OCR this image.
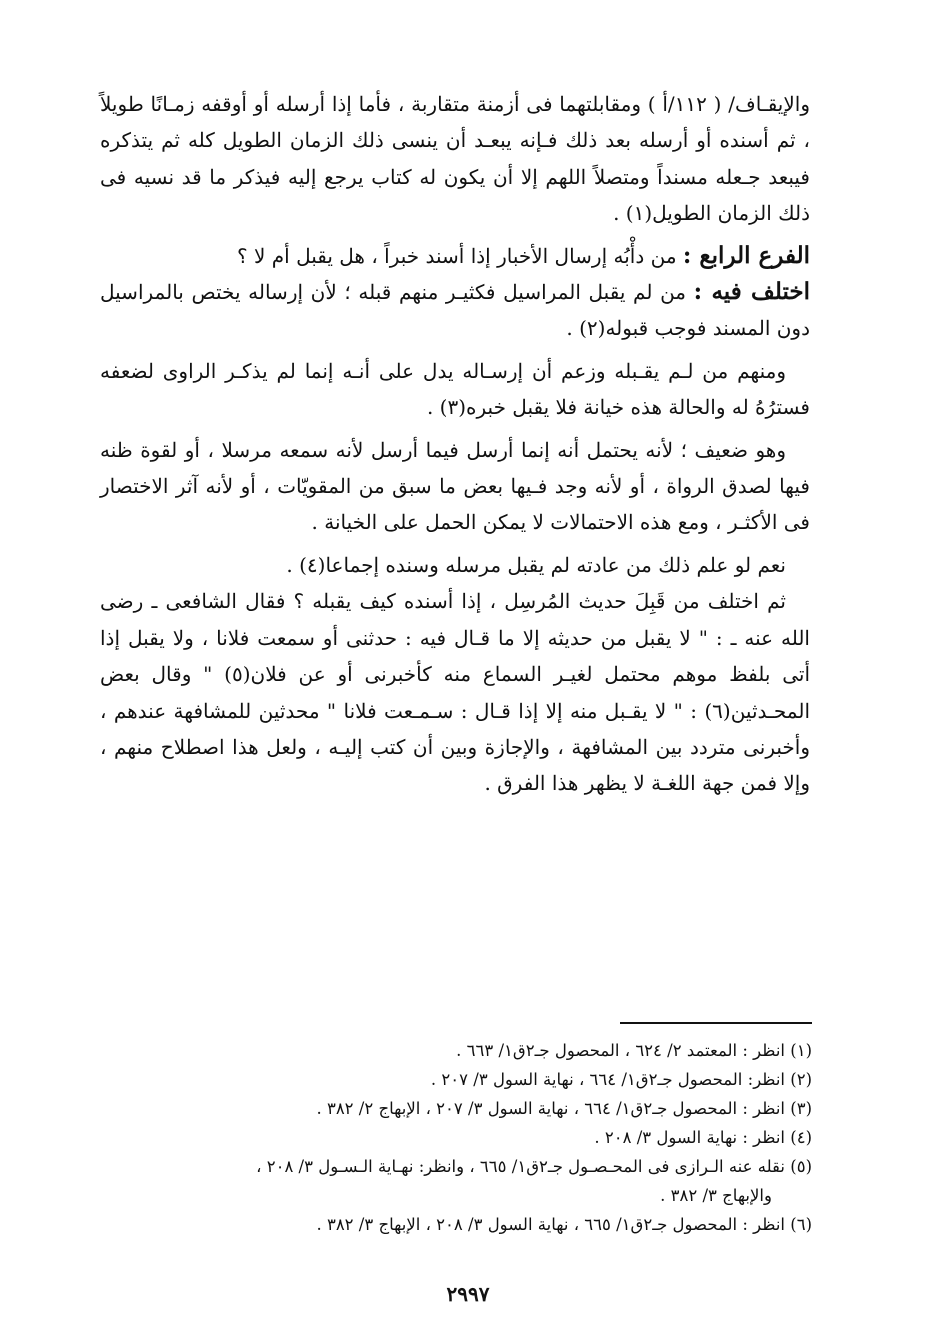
والإيقـاف/ ( ١١٢/أ ) ومقابلتهما فى أزمنة متقاربة ، فأما إذا أرسله أو أوقفه زمـانًا طويلاً ، ثم أسنده أو أرسله بعد ذلك فـإنه يبعـد أن ينسى ذلك الزمان الطويل كله ثم يتذكره فيبعد جـعله مسنداً ومتصلاً اللهم إلا أن يكون له كتاب يرجع إليه فيذكر ما قد نسيه فى ذلك الزمان الطويل(١) .

الفرع الرابع : من دأْبُه إرسال الأخبار إذا أسند خبراً ، هل يقبل أم لا ؟

اختلف فيه : من لم يقبل المراسيل فكثيـر منهم قبله ؛ لأن إرساله يختص بالمراسيل دون المسند فوجب قبوله(٢) .

ومنهم من لـم يقـبله وزعم أن إرسـاله يدل على أنـه إنما لم يذكـر الراوى لضعفه فسترُهُ له والحالة هذه خيانة فلا يقبل خبره(٣) .

وهو ضعيف ؛ لأنه يحتمل أنه إنما أرسل فيما أرسل لأنه سمعه مرسلا ، أو لقوة ظنه فيها لصدق الرواة ، أو لأنه وجد فـيها بعض ما سبق من المقويّات ، أو لأنه آثر الاختصار فى الأكثـر ، ومع هذه الاحتمالات لا يمكن الحمل على الخيانة .

نعم لو علم ذلك من عادته لم يقبل مرسله وسنده إجماعا(٤) .

ثم اختلف من قَبِلَ حديث المُرسِل ، إذا أسنده كيف يقبله ؟ فقال الشافعى ـ رضى الله عنه ـ : " لا يقبل من حديثه إلا ما قـال فيه : حدثنى أو سمعت فلانا ، ولا يقبل إذا أتى بلفظ موهم محتمل لغيـر السماع منه كأخبرنى أو عن فلان(٥) " وقال بعض المحـدثين(٦) : " لا يقـبل منه إلا إذا قـال : سـمـعت فلانا " محدثين للمشافهة عندهم ، وأخبرنى متردد بين المشافهة ، والإجازة وبين أن كتب إليـه ، ولعل هذا اصطلاح منهم ، وإلا فمن جهة اللغـة لا يظهر هذا الفرق .

(١) انظر : المعتمد ٢/ ٦٢٤ ، المحصول جـ٢ق١/ ٦٦٣ .

(٢) انظر: المحصول جـ٢ق١/ ٦٦٤ ، نهاية السول ٣/ ٢٠٧ .

(٣) انظر : المحصول جـ٢ق١/ ٦٦٤ ، نهاية السول ٣/ ٢٠٧ ، الإبهاج ٢/ ٣٨٢ .

(٤) انظر : نهاية السول ٣/ ٢٠٨ .

(٥) نقله عنه الـرازى فى المحـصـول جـ٢ق١/ ٦٦٥ ، وانظر: نهـاية الـسـول ٣/ ٢٠٨ ،

والإبهاج ٣/ ٣٨٢ .

(٦) انظر : المحصول جـ٢ق١/ ٦٦٥ ، نهاية السول ٣/ ٢٠٨ ، الإبهاج ٣/ ٣٨٢ .

٢٩٩٧
